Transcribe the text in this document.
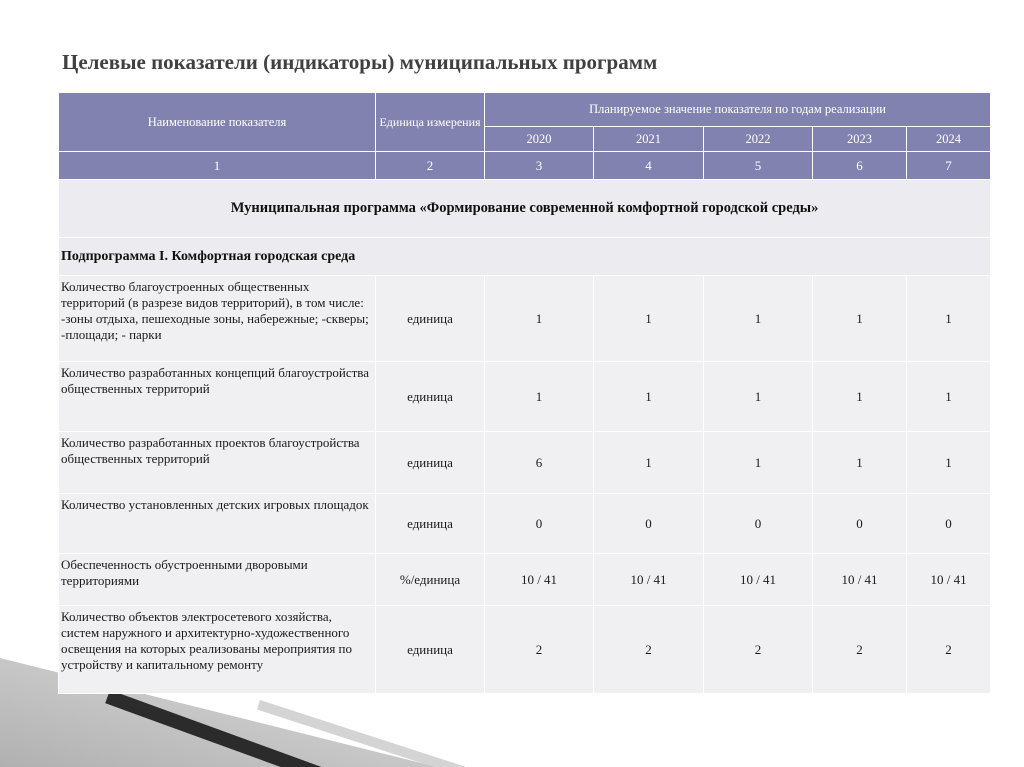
Целевые показатели (индикаторы) муниципальных программ
Наименование показателя	Единица измерения	Планируемое значение показателя по годам реализации				
		2020	2021	2022	2023	2024
1	2	3	4	5	6	7
Муниципальная программа «Формирование современной комфортной городской среды»						
Подпрограмма I. Комфортная городская среда						
Количество благоустроенных общественных территорий (в разрезе видов территорий), в том числе: -зоны отдыха, пешеходные зоны, набережные; -скверы; -площади; - парки	единица	1	1	1	1	1
Количество разработанных концепций благоустройства общественных территорий	единица	1	1	1	1	1
Количество разработанных проектов благоустройства общественных территорий	единица	6	1	1	1	1
Количество установленных детских игровых площадок	единица	0	0	0	0	0
Обеспеченность обустроенными дворовыми территориями	%/единица	10 / 41	10 / 41	10 / 41	10 / 41	10 / 41
Количество объектов электросетевого хозяйства, систем наружного и архитектурно-художественного освещения на которых реализованы мероприятия по устройству и капитальному ремонту	единица	2	2	2	2	2
